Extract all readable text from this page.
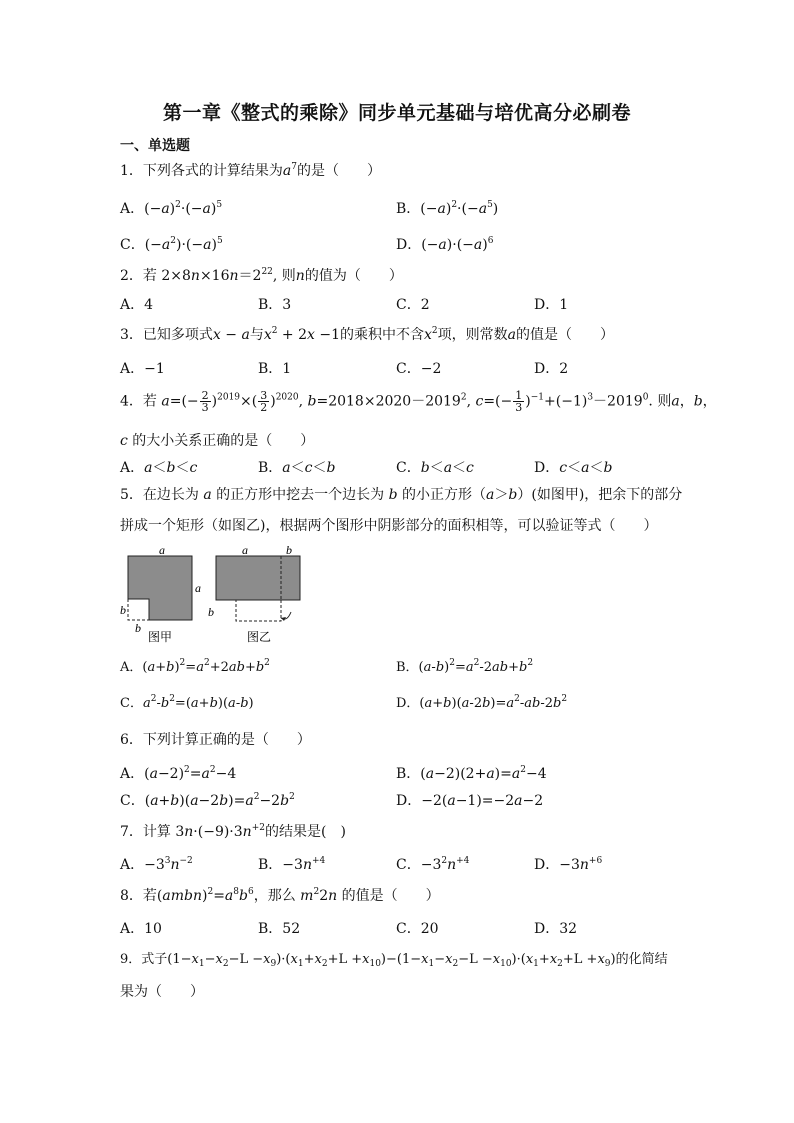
第一章《整式的乘除》同步单元基础与培优高分必刷卷
一、单选题
1．下列各式的计算结果为$a^7$的是（　　）
A．$(-a)^2\cdot(-a)^5$	B．$(-a)^2\cdot(-a^5)$
C．$(-a^2)\cdot(-a)^5$	D．$(-a)\cdot(-a)^6$
2．若 $2\times 8n\times 16n=2^{22}$, 则n的值为（　　）
A．4	B．3	C．2	D．1
3．已知多项式x − a与$x^2 + 2x -1$的乘积中不含$x^2$项，则常数a的值是（　　）
A．−1	B．1	C．−2	D．2
4．若 $a=(- \frac{2}{3} )^{2019}\times( \frac{3}{2} )^{2020}$, $b=2018\times 2020-2019^2$, $c=(- \frac{1}{3} )^{-1}+(-1)^3-2019^0$. 则a，b，
c 的大小关系正确的是（　　）
A．a＜b＜c	B．a＜c＜b	C．b＜a＜c	D．c＜a＜b
5．在边长为 a 的正方形中挖去一个边长为 b 的小正方形（a＞b）(如图甲)，把余下的部分
拼成一个矩形（如图乙)，根据两个图形中阴影部分的面积相等，可以验证等式（　　）
a
a
b
b
图甲
a	b
b
图乙
A．$(a+b)^2=a^2+2ab+b^2$	B．$(a-b)^2=a^2-2ab+b^2$
C．$a^2-b^2=(a+b)(a-b)$	D．$(a+b)(a-2b)=a^2-ab-2b^2$
6．下列计算正确的是（　　）
A．$(a-2)^2=a^2-4$	B．$(a-2)(2+a)=a^2-4$
C．$(a+b)(a-2b)=a^2-2b^2$	D．−2(a−1)=−2a−2
7．计算 $3n\cdot(-9)\cdot 3n^{+2}$的结果是(　)
A．$-3^3n^{-2}$	B．$-3n^{+4}$	C．$-3^2n^{+4}$	D．$-3n^{+6}$
8．若$(ambn)^2=a^8b^6$，那么 $m^22n$ 的值是（　　）
A．10	B．52	C．20	D．32
9．式子$(1-x_1-x_2-L -x_9)\cdot(x_1+x_2+L +x_{10})-(1-x_1-x_2-L -x_{10})\cdot(x_1+x_2+L +x_9)$的化简结
果为（　　）
